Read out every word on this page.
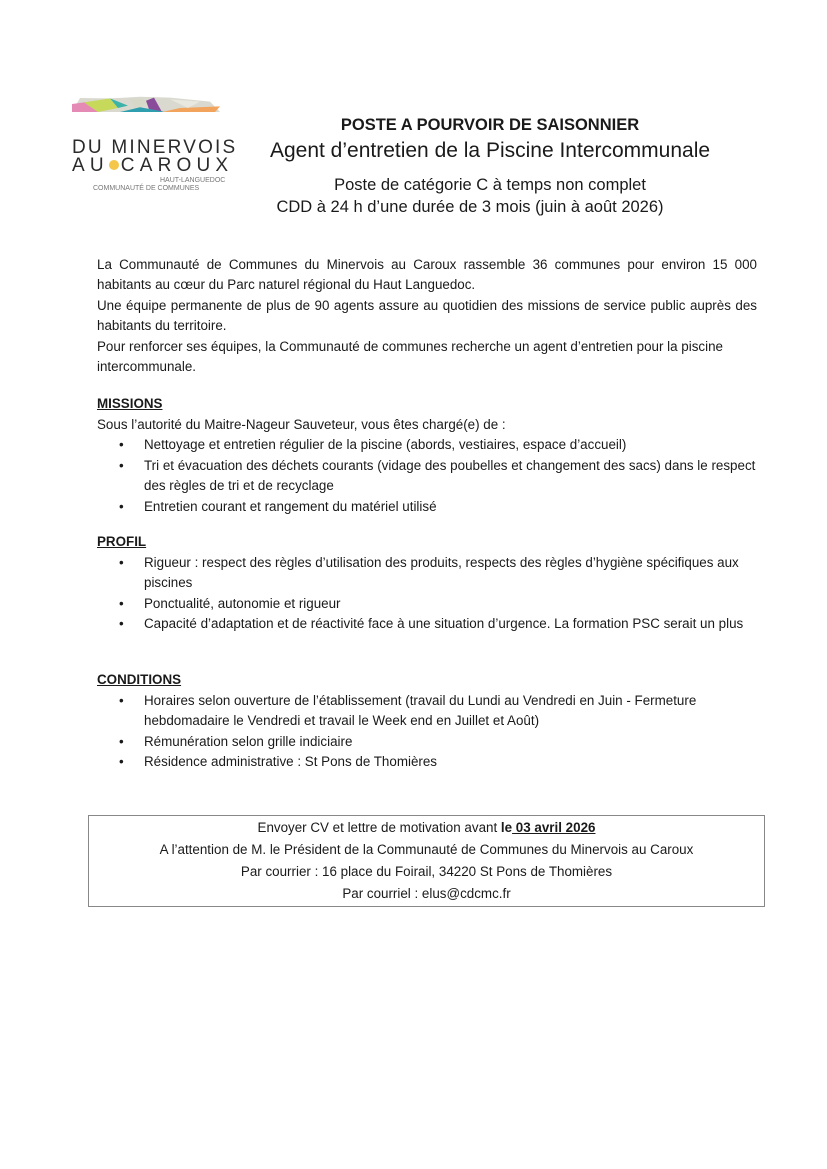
DU MINERVOIS
AU CAROUX
HAUT-LANGUEDOC
COMMUNAUTÉ DE COMMUNES
POSTE A POURVOIR DE SAISONNIER
Agent d’entretien de la Piscine Intercommunale
Poste de catégorie C à temps non complet
CDD à 24 h d’une durée de 3 mois (juin à août 2026)

La Communauté de Communes du Minervois au Caroux rassemble 36 communes pour environ 15 000 habitants au cœur du Parc naturel régional du Haut Languedoc.

Une équipe permanente de plus de 90 agents assure au quotidien des missions de service public auprès des habitants du territoire.

Pour renforcer ses équipes, la Communauté de communes recherche un agent d’entretien pour la piscine intercommunale.

MISSIONS
Sous l’autorité du Maitre-Nageur Sauveteur, vous êtes chargé(e) de :
• Nettoyage et entretien régulier de la piscine (abords, vestiaires, espace d’accueil)
• Tri et évacuation des déchets courants (vidage des poubelles et changement des sacs) dans le respect des règles de tri et de recyclage
• Entretien courant et rangement du matériel utilisé
PROFIL
• Rigueur : respect des règles d’utilisation des produits, respects des règles d’hygiène spécifiques aux piscines
• Ponctualité, autonomie et rigueur
• Capacité d’adaptation et de réactivité face à une situation d’urgence. La formation PSC serait un plus
CONDITIONS
• Horaires selon ouverture de l’établissement (travail du Lundi au Vendredi en Juin - Fermeture hebdomadaire le Vendredi et travail le Week end en Juillet et Août)
• Rémunération selon grille indiciaire
• Résidence administrative : St Pons de Thomières
Envoyer CV et lettre de motivation avant le 03 avril 2026
A l’attention de M. le Président de la Communauté de Communes du Minervois au Caroux
Par courrier : 16 place du Foirail, 34220 St Pons de Thomières
Par courriel : elus@cdcmc.fr
